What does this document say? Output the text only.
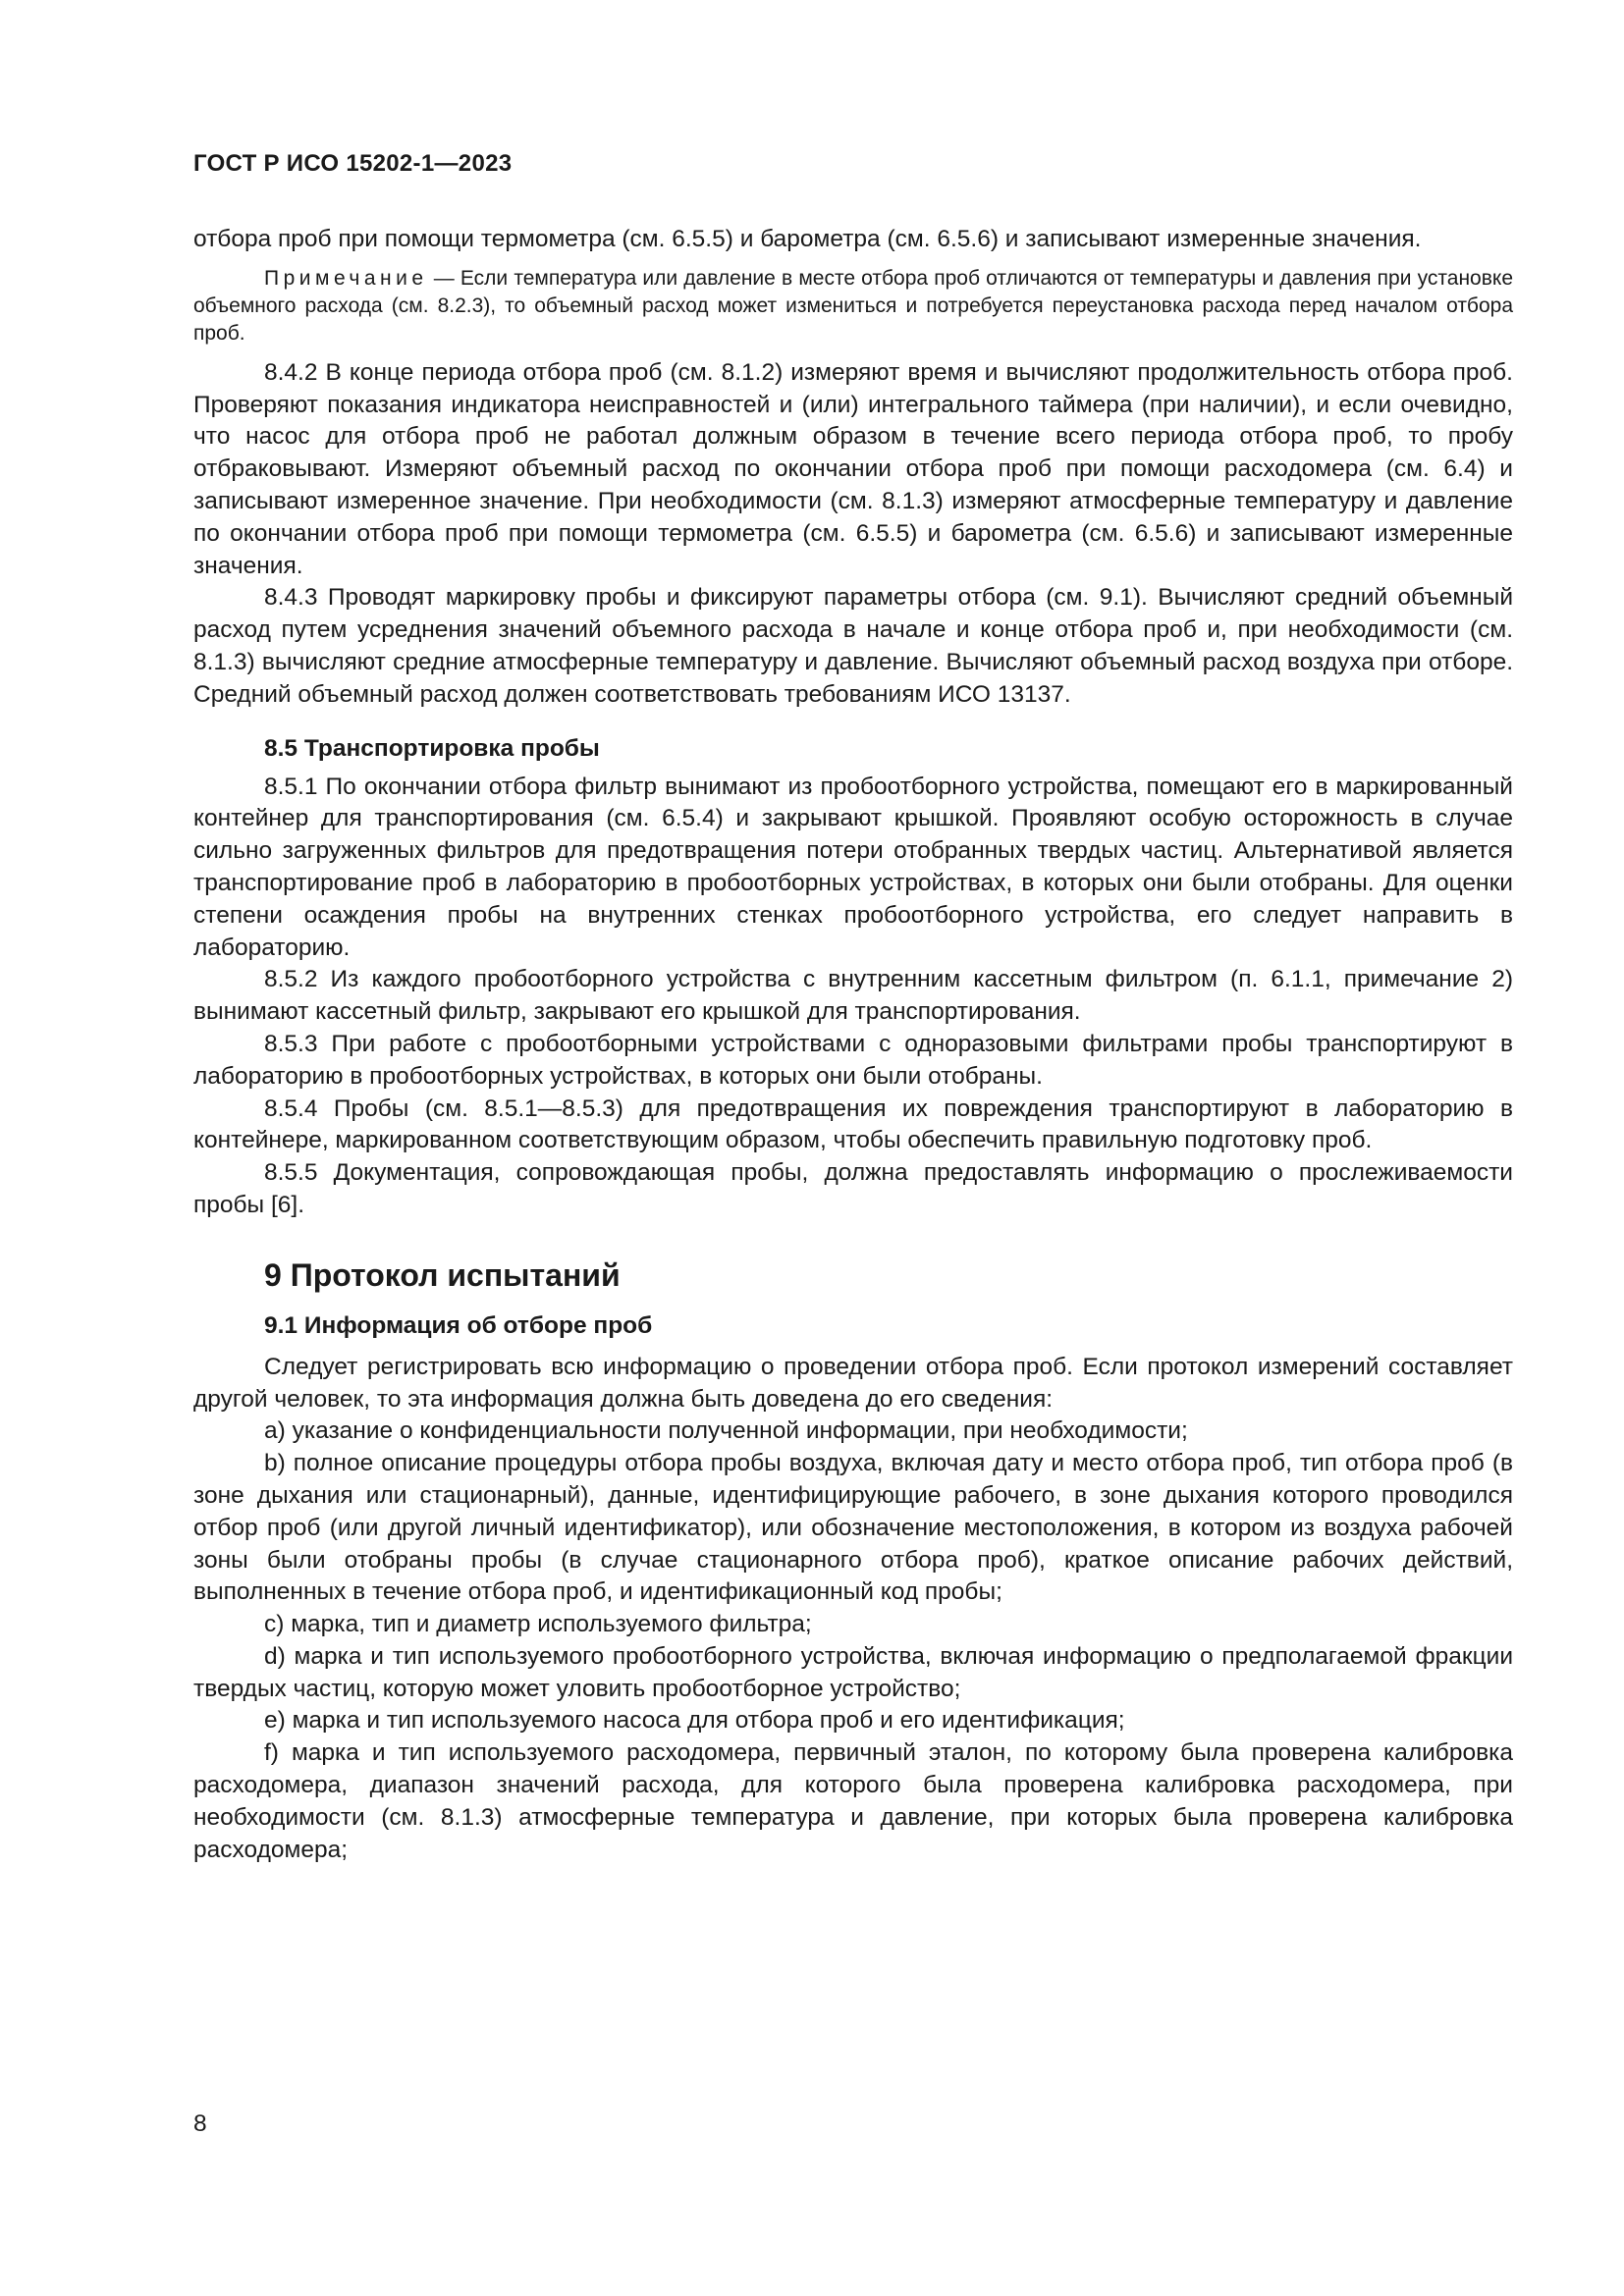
ГОСТ Р ИСО 15202-1—2023

отбора проб при помощи термометра (см. 6.5.5) и барометра (см. 6.5.6) и записывают измеренные значения.

Примечание — Если температура или давление в месте отбора проб отличаются от температуры и давления при установке объемного расхода (см. 8.2.3), то объемный расход может измениться и потребуется переустановка расхода перед началом отбора проб.

8.4.2 В конце периода отбора проб (см. 8.1.2) измеряют время и вычисляют продолжительность отбора проб. Проверяют показания индикатора неисправностей и (или) интегрального таймера (при наличии), и если очевидно, что насос для отбора проб не работал должным образом в течение всего периода отбора проб, то пробу отбраковывают. Измеряют объемный расход по окончании отбора проб при помощи расходомера (см. 6.4) и записывают измеренное значение. При необходимости (см. 8.1.3) измеряют атмосферные температуру и давление по окончании отбора проб при помощи термометра (см. 6.5.5) и барометра (см. 6.5.6) и записывают измеренные значения.

8.4.3 Проводят маркировку пробы и фиксируют параметры отбора (см. 9.1). Вычисляют средний объемный расход путем усреднения значений объемного расхода в начале и конце отбора проб и, при необходимости (см. 8.1.3) вычисляют средние атмосферные температуру и давление. Вычисляют объемный расход воздуха при отборе. Средний объемный расход должен соответствовать требованиям ИСО 13137.

8.5 Транспортировка пробы

8.5.1 По окончании отбора фильтр вынимают из пробоотборного устройства, помещают его в маркированный контейнер для транспортирования (см. 6.5.4) и закрывают крышкой. Проявляют особую осторожность в случае сильно загруженных фильтров для предотвращения потери отобранных твердых частиц. Альтернативой является транспортирование проб в лабораторию в пробоотборных устройствах, в которых они были отобраны. Для оценки степени осаждения пробы на внутренних стенках пробоотборного устройства, его следует направить в лабораторию.

8.5.2 Из каждого пробоотборного устройства с внутренним кассетным фильтром (п. 6.1.1, примечание 2) вынимают кассетный фильтр, закрывают его крышкой для транспортирования.

8.5.3 При работе с пробоотборными устройствами с одноразовыми фильтрами пробы транспортируют в лабораторию в пробоотборных устройствах, в которых они были отобраны.

8.5.4 Пробы (см. 8.5.1—8.5.3) для предотвращения их повреждения транспортируют в лабораторию в контейнере, маркированном соответствующим образом, чтобы обеспечить правильную подготовку проб.

8.5.5 Документация, сопровождающая пробы, должна предоставлять информацию о прослеживаемости пробы [6].

9 Протокол испытаний
9.1 Информация об отборе проб

Следует регистрировать всю информацию о проведении отбора проб. Если протокол измерений составляет другой человек, то эта информация должна быть доведена до его сведения:

а) указание о конфиденциальности полученной информации, при необходимости;

b) полное описание процедуры отбора пробы воздуха, включая дату и место отбора проб, тип отбора проб (в зоне дыхания или стационарный), данные, идентифицирующие рабочего, в зоне дыхания которого проводился отбор проб (или другой личный идентификатор), или обозначение местоположения, в котором из воздуха рабочей зоны были отобраны пробы (в случае стационарного отбора проб), краткое описание рабочих действий, выполненных в течение отбора проб, и идентификационный код пробы;

c) марка, тип и диаметр используемого фильтра;

d) марка и тип используемого пробоотборного устройства, включая информацию о предполагаемой фракции твердых частиц, которую может уловить пробоотборное устройство;

e) марка и тип используемого насоса для отбора проб и его идентификация;

f) марка и тип используемого расходомера, первичный эталон, по которому была проверена калибровка расходомера, диапазон значений расхода, для которого была проверена калибровка расходомера, при необходимости (см. 8.1.3) атмосферные температура и давление, при которых была проверена калибровка расходомера;

8
